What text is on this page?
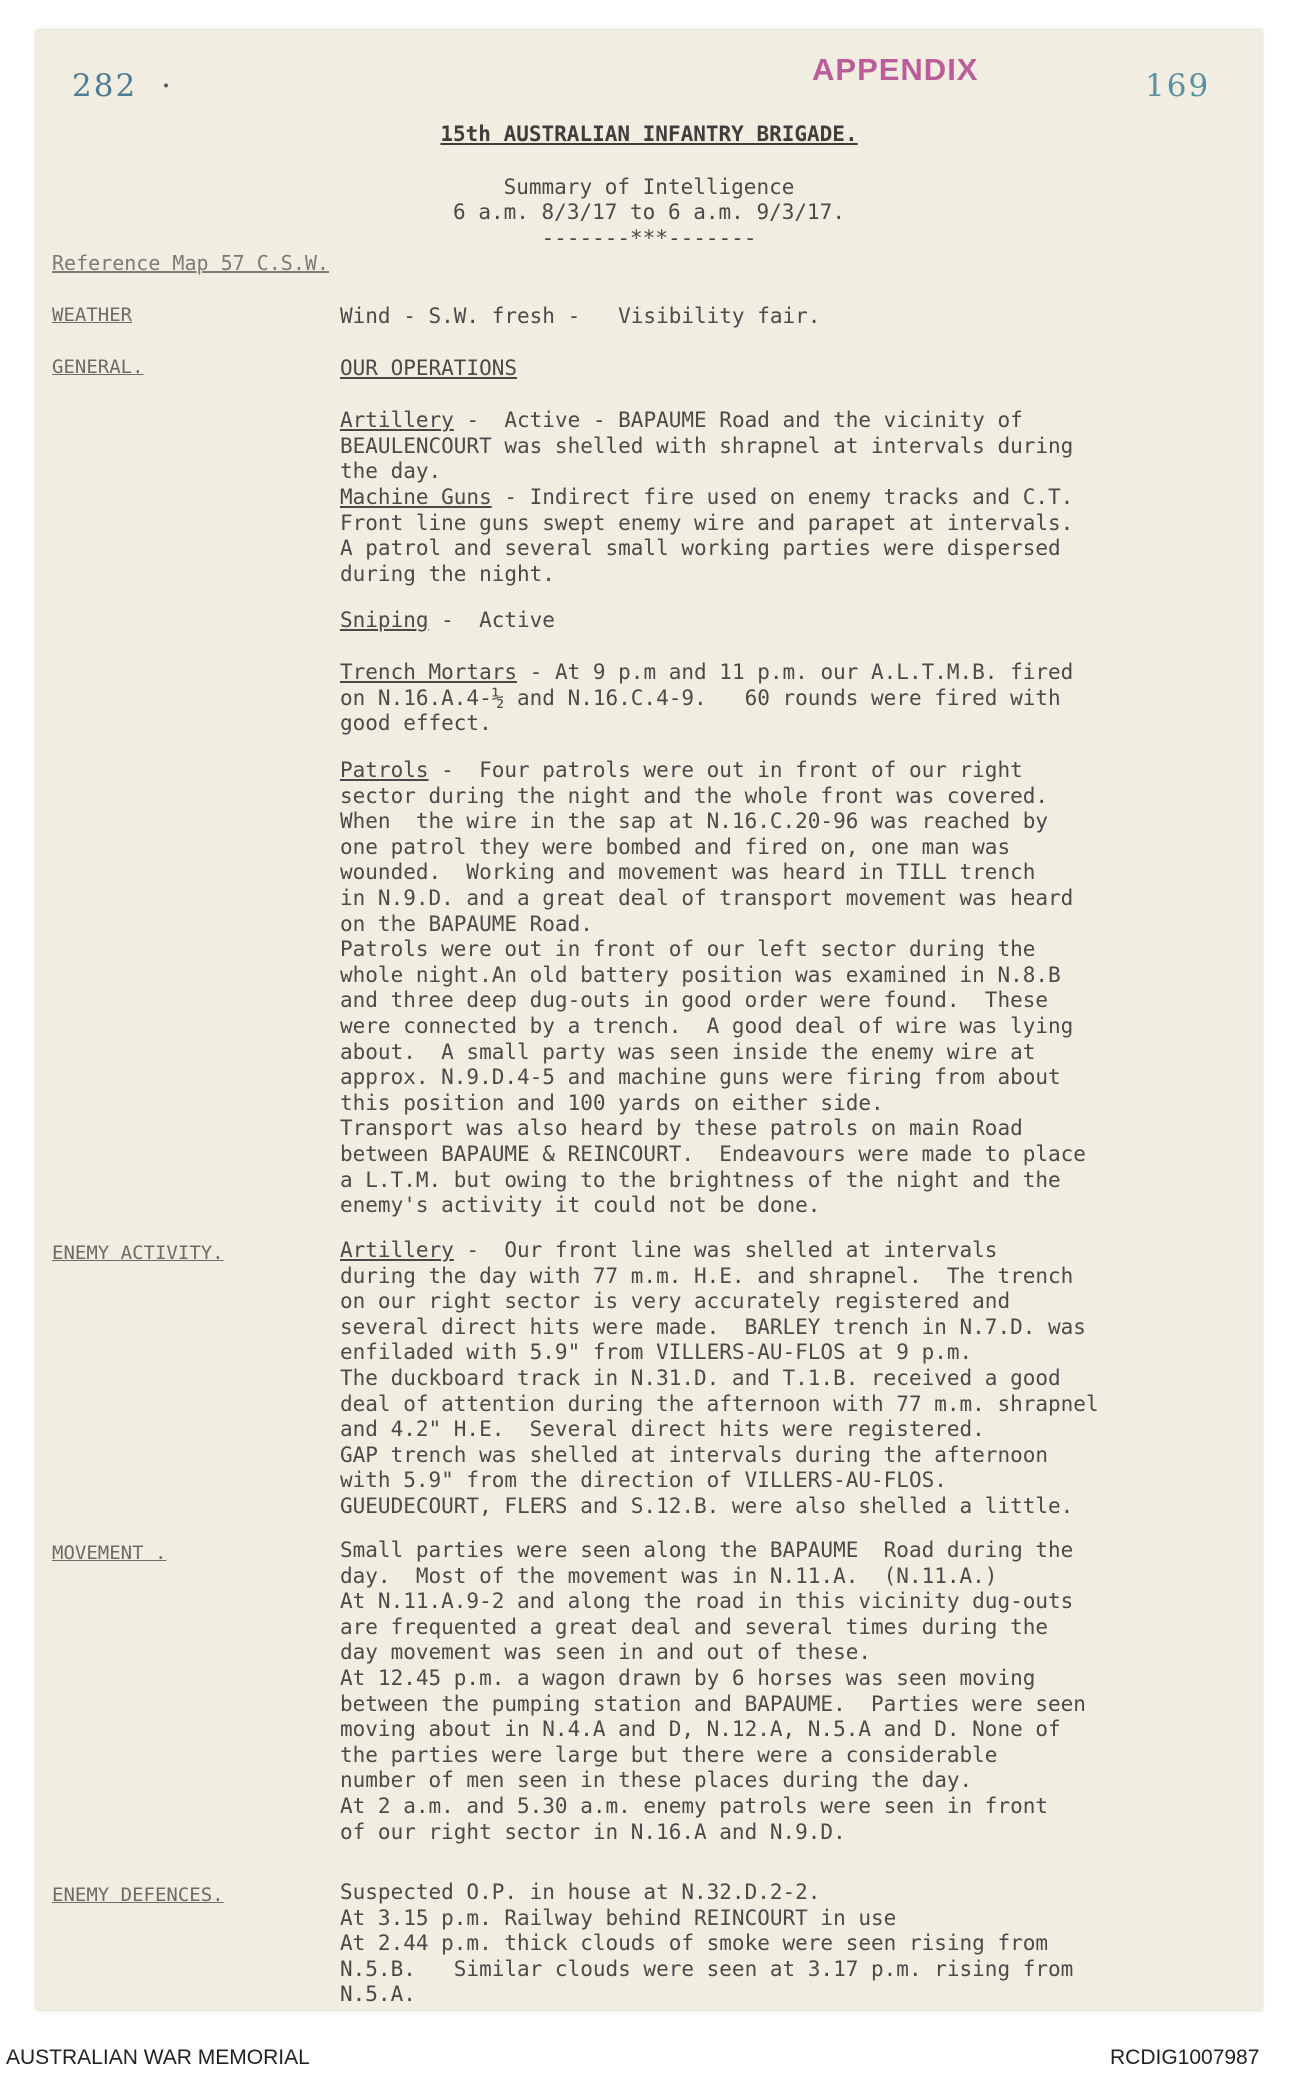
282 ·	169
APPENDIX
15th AUSTRALIAN INFANTRY BRIGADE.
Summary of Intelligence
6 a.m. 8/3/17 to 6 a.m. 9/3/17.
-------***-------
Reference Map 57 C.S.W.
WEATHER	Wind - S.W. fresh -   Visibility fair.
GENERAL.	OUR OPERATIONS
Artillery -  Active - BAPAUME Road and the vicinity of

BEAULENCOURT was shelled with shrapnel at intervals during
the day.
Machine Guns - Indirect fire used on enemy tracks and C.T.

Front line guns swept enemy wire and parapet at intervals.
A patrol and several small working parties were dispersed
during the night.
Sniping -  Active
Trench Mortars - At 9 p.m and 11 p.m. our A.L.T.M.B. fired

on N.16.A.4-½ and N.16.C.4-9.   60 rounds were fired with
good effect.
Patrols -  Four patrols were out in front of our right

sector during the night and the whole front was covered.
When  the wire in the sap at N.16.C.20-96 was reached by
one patrol they were bombed and fired on, one man was
wounded.  Working and movement was heard in TILL trench
in N.9.D. and a great deal of transport movement was heard
on the BAPAUME Road.
Patrols were out in front of our left sector during the
whole night.An old battery position was examined in N.8.B
and three deep dug-outs in good order were found.  These
were connected by a trench.  A good deal of wire was lying
about.  A small party was seen inside the enemy wire at
approx. N.9.D.4-5 and machine guns were firing from about
this position and 100 yards on either side.
Transport was also heard by these patrols on main Road
between BAPAUME & REINCOURT.  Endeavours were made to place
a L.T.M. but owing to the brightness of the night and the
enemy's activity it could not be done.
ENEMY ACTIVITY.	Artillery -  Our front line was shelled at intervals

during the day with 77 m.m. H.E. and shrapnel.  The trench
on our right sector is very accurately registered and
several direct hits were made.  BARLEY trench in N.7.D. was
enfiladed with 5.9" from VILLERS-AU-FLOS at 9 p.m.
The duckboard track in N.31.D. and T.1.B. received a good
deal of attention during the afternoon with 77 m.m. shrapnel
and 4.2" H.E.  Several direct hits were registered.
GAP trench was shelled at intervals during the afternoon
with 5.9" from the direction of VILLERS-AU-FLOS.
GUEUDECOURT, FLERS and S.12.B. were also shelled a little.
MOVEMENT .	Small parties were seen along the BAPAUME  Road during the
day.  Most of the movement was in N.11.A.  (N.11.A.)
At N.11.A.9-2 and along the road in this vicinity dug-outs
are frequented a great deal and several times during the
day movement was seen in and out of these.
At 12.45 p.m. a wagon drawn by 6 horses was seen moving
between the pumping station and BAPAUME.  Parties were seen
moving about in N.4.A and D, N.12.A, N.5.A and D. None of
the parties were large but there were a considerable
number of men seen in these places during the day.
At 2 a.m. and 5.30 a.m. enemy patrols were seen in front
of our right sector in N.16.A and N.9.D.
ENEMY DEFENCES.	Suspected O.P. in house at N.32.D.2-2.
At 3.15 p.m. Railway behind REINCOURT in use
At 2.44 p.m. thick clouds of smoke were seen rising from
N.5.B.   Similar clouds were seen at 3.17 p.m. rising from
N.5.A.
AUSTRALIAN WAR MEMORIAL	RCDIG1007987
